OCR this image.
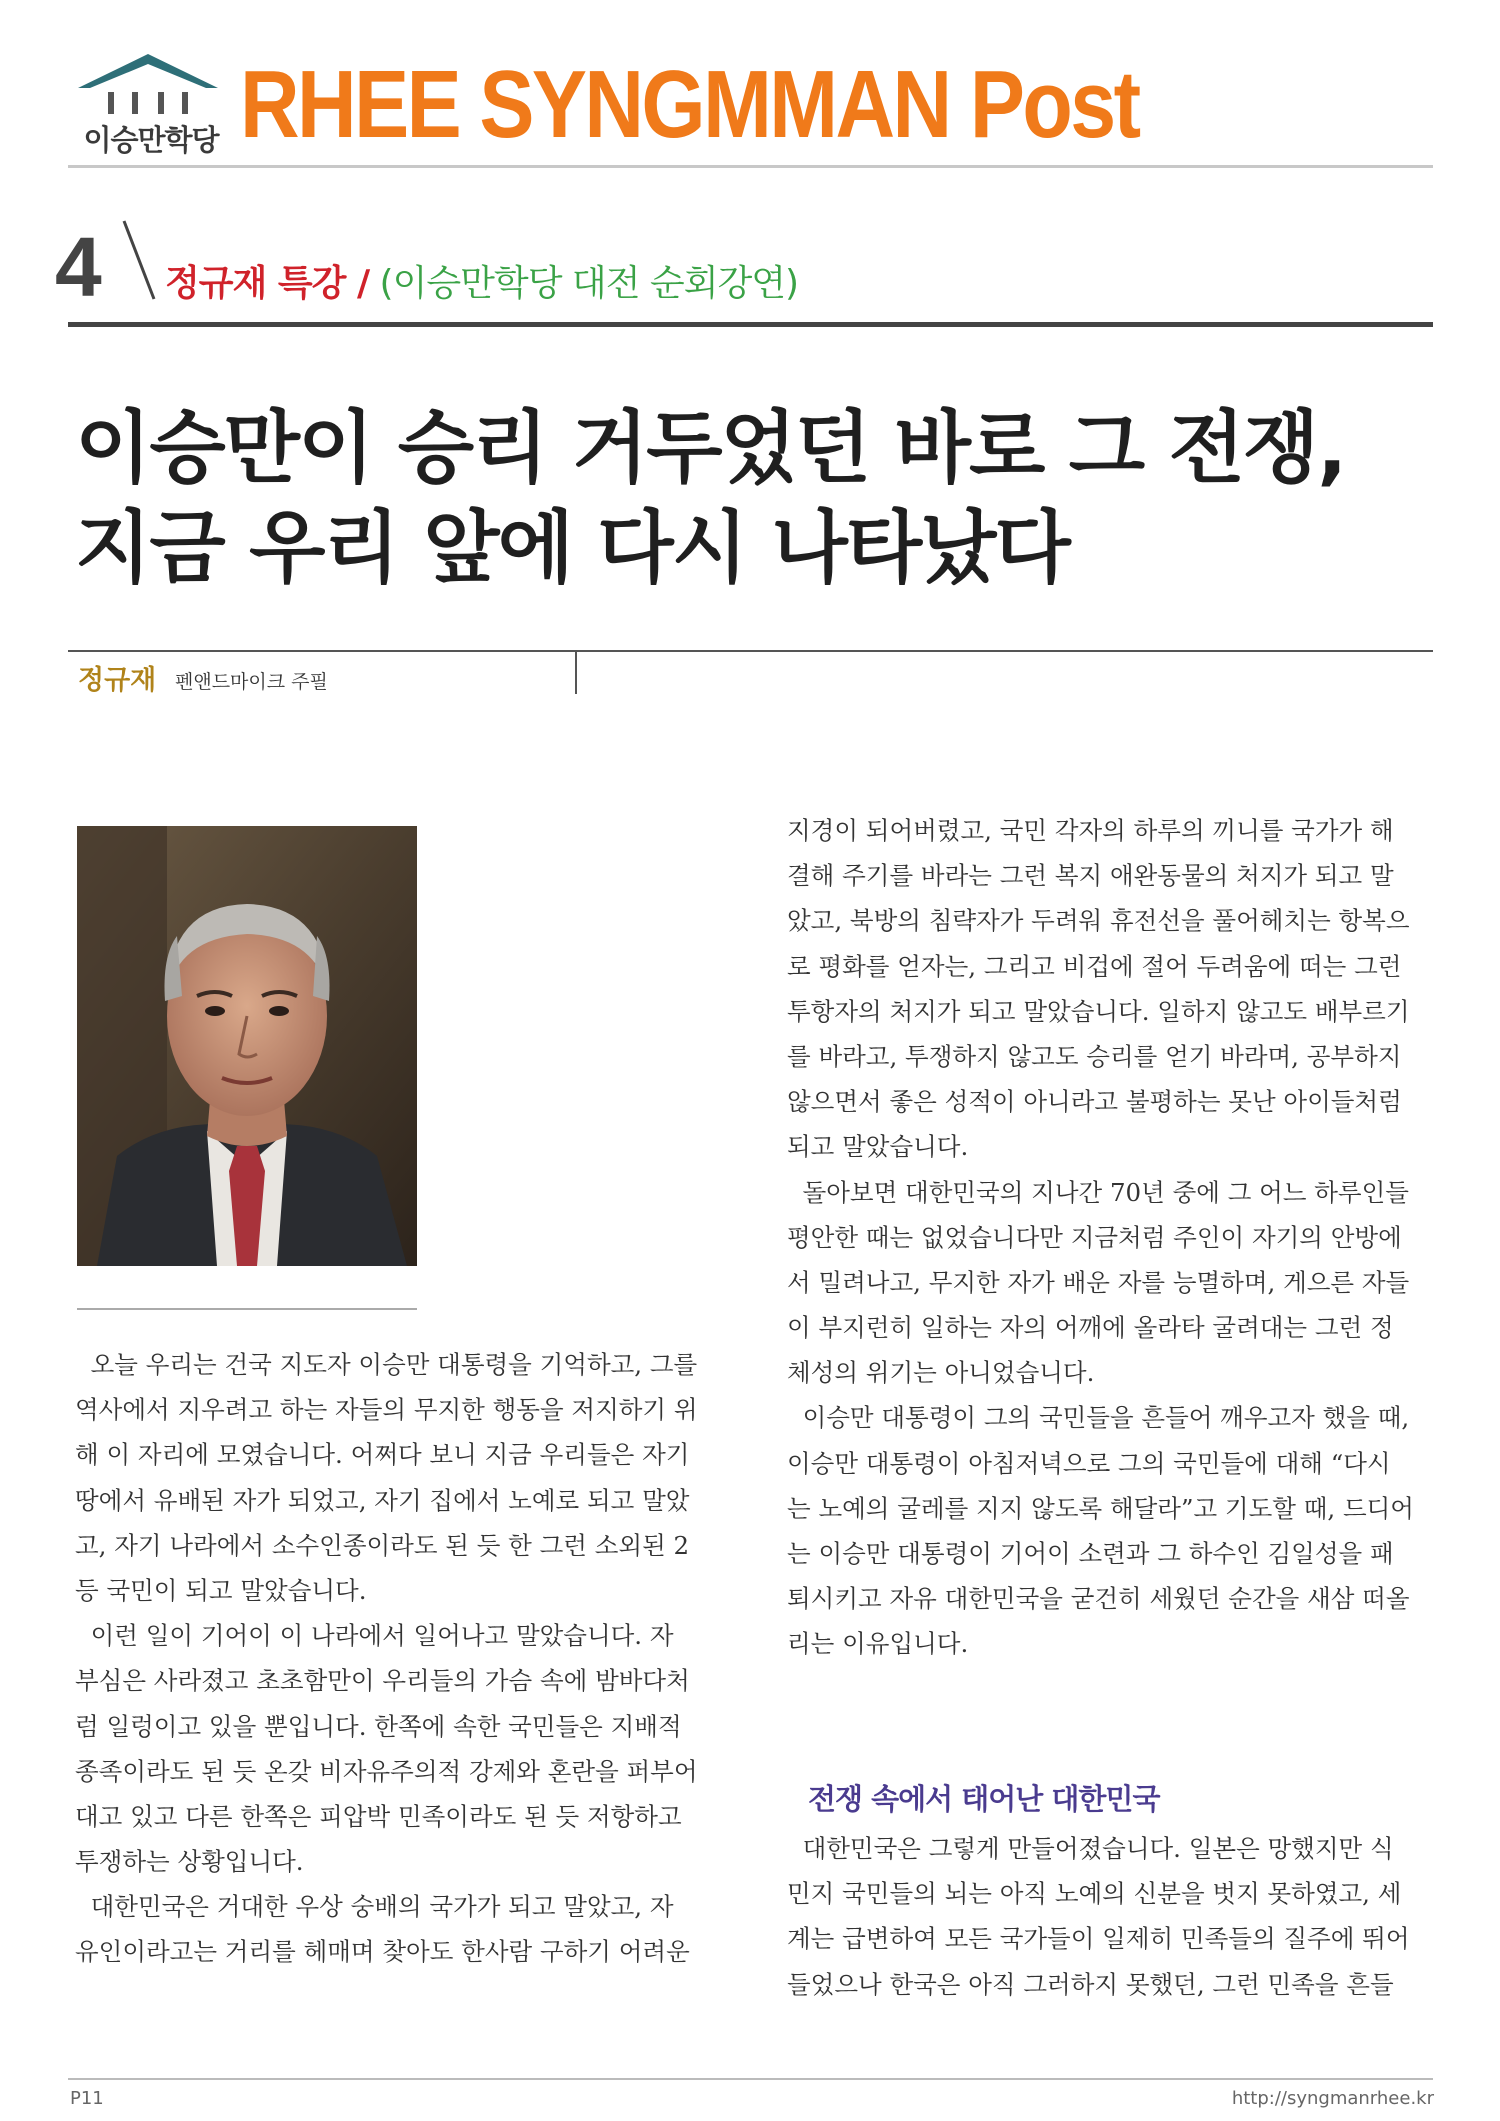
이승만학당 RHEE SYNGMMAN Post
4 정규재 특강 / (이승만학당 대전 순회강연)
이승만이 승리 거두었던 바로 그 전쟁,
지금 우리 앞에 다시 나타났다
정규재 펜앤드마이크 주필
오늘 우리는 건국 지도자 이승만 대통령을 기억하고, 그를
역사에서 지우려고 하는 자들의 무지한 행동을 저지하기 위
해 이 자리에 모였습니다. 어쩌다 보니 지금 우리들은 자기
땅에서 유배된 자가 되었고, 자기 집에서 노예로 되고 말았
고, 자기 나라에서 소수인종이라도 된 듯 한 그런 소외된 2
등 국민이 되고 말았습니다.
이런 일이 기어이 이 나라에서 일어나고 말았습니다. 자
부심은 사라졌고 초초함만이 우리들의 가슴 속에 밤바다처
럼 일렁이고 있을 뿐입니다. 한쪽에 속한 국민들은 지배적
종족이라도 된 듯 온갖 비자유주의적 강제와 혼란을 퍼부어
대고 있고 다른 한쪽은 피압박 민족이라도 된 듯 저항하고
투쟁하는 상황입니다.
대한민국은 거대한 우상 숭배의 국가가 되고 말았고, 자
유인이라고는 거리를 헤매며 찾아도 한사람 구하기 어려운
지경이 되어버렸고, 국민 각자의 하루의 끼니를 국가가 해
결해 주기를 바라는 그런 복지 애완동물의 처지가 되고 말
았고, 북방의 침략자가 두려워 휴전선을 풀어헤치는 항복으
로 평화를 얻자는, 그리고 비겁에 절어 두려움에 떠는 그런
투항자의 처지가 되고 말았습니다. 일하지 않고도 배부르기
를 바라고, 투쟁하지 않고도 승리를 얻기 바라며, 공부하지
않으면서 좋은 성적이 아니라고 불평하는 못난 아이들처럼
되고 말았습니다.
돌아보면 대한민국의 지나간 70년 중에 그 어느 하루인들
평안한 때는 없었습니다만 지금처럼 주인이 자기의 안방에
서 밀려나고, 무지한 자가 배운 자를 능멸하며, 게으른 자들
이 부지런히 일하는 자의 어깨에 올라타 굴려대는 그런 정
체성의 위기는 아니었습니다.
이승만 대통령이 그의 국민들을 흔들어 깨우고자 했을 때,
이승만 대통령이 아침저녁으로 그의 국민들에 대해 “다시
는 노예의 굴레를 지지 않도록 해달라”고 기도할 때, 드디어
는 이승만 대통령이 기어이 소련과 그 하수인 김일성을 패
퇴시키고 자유 대한민국을 굳건히 세웠던 순간을 새삼 떠올
리는 이유입니다.
전쟁 속에서 태어난 대한민국
대한민국은 그렇게 만들어졌습니다. 일본은 망했지만 식
민지 국민들의 뇌는 아직 노예의 신분을 벗지 못하였고, 세
계는 급변하여 모든 국가들이 일제히 민족들의 질주에 뛰어
들었으나 한국은 아직 그러하지 못했던, 그런 민족을 흔들
P11	http://syngmanrhee.kr
